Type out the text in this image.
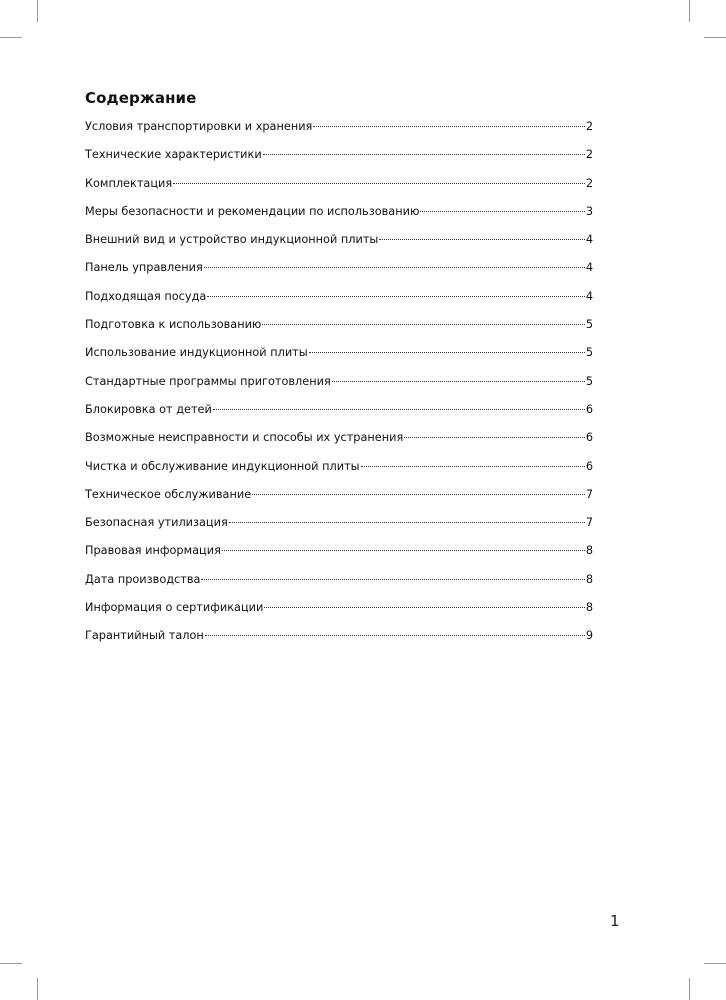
Содержание
Условия транспортировки и хранения	2
Технические характеристики	2
Комплектация	2
Меры безопасности и рекомендации по использованию	3
Внешний вид и устройство индукционной плиты	4
Панель управления	4
Подходящая посуда	4
Подготовка к использованию	5
Использование индукционной плиты	5
Стандартные программы приготовления	5
Блокировка от детей	6
Возможные неисправности и способы их устранения	6
Чистка и обслуживание индукционной плиты	6
Техническое обслуживание	7
Безопасная утилизация	7
Правовая информация	8
Дата производства	8
Информация о сертификации	8
Гарантийный талон	9
1
